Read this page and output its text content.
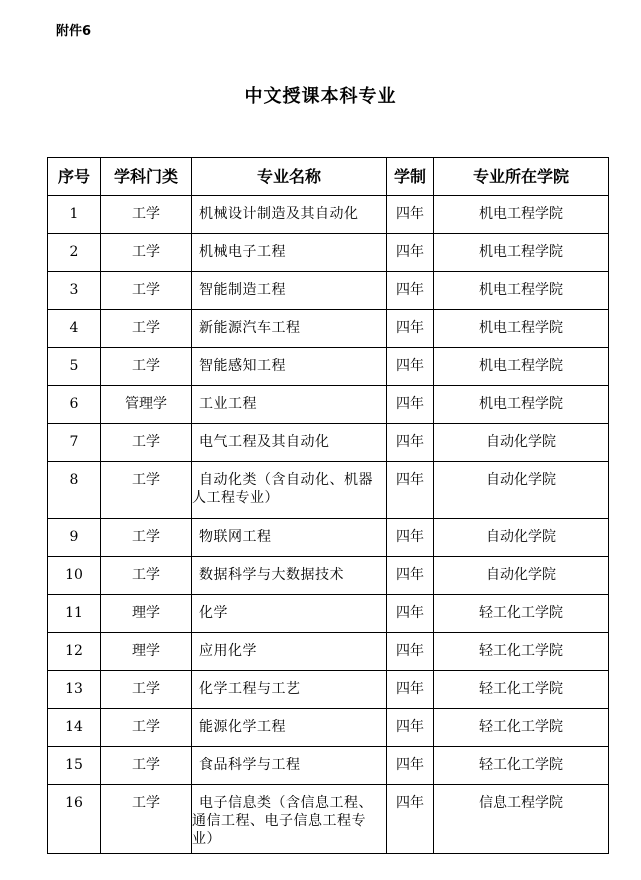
附件6
中文授课本科专业
序号	学科门类	专业名称	学制	专业所在学院
1	工学	机械设计制造及其自动化	四年	机电工程学院
2	工学	机械电子工程	四年	机电工程学院
3	工学	智能制造工程	四年	机电工程学院
4	工学	新能源汽车工程	四年	机电工程学院
5	工学	智能感知工程	四年	机电工程学院
6	管理学	工业工程	四年	机电工程学院
7	工学	电气工程及其自动化	四年	自动化学院
8	工学	自动化类（含自动化、机器人工程专业）	四年	自动化学院
9	工学	物联网工程	四年	自动化学院
10	工学	数据科学与大数据技术	四年	自动化学院
11	理学	化学	四年	轻工化工学院
12	理学	应用化学	四年	轻工化工学院
13	工学	化学工程与工艺	四年	轻工化工学院
14	工学	能源化学工程	四年	轻工化工学院
15	工学	食品科学与工程	四年	轻工化工学院
16	工学	电子信息类（含信息工程、通信工程、电子信息工程专业）	四年	信息工程学院
